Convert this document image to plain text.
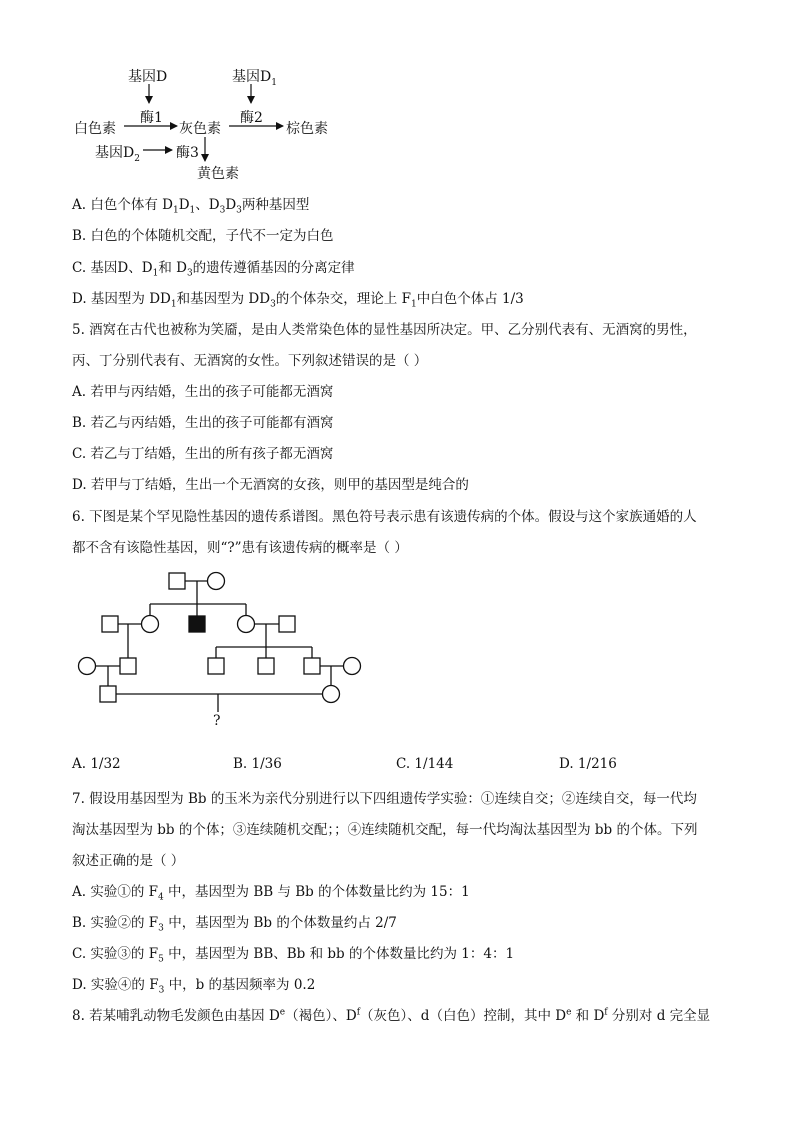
基因D	基因$D_1$
酶1	酶2
白色素	灰色素	棕色素
基因$D_2$	酶3
黄色素
A. 白色个体有 $D_1D_1$、$D_3D_3$两种基因型
B. 白色的个体随机交配，子代不一定为白色
C. 基因D、$D_1$和 $D_3$的遗传遵循基因的分离定律
D. 基因型为 $DD_1$和基因型为 $DD_3$的个体杂交，理论上 $F_1$中白色个体占 1/3
5. 酒窝在古代也被称为笑靥，是由人类常染色体的显性基因所决定。甲、乙分别代表有、无酒窝的男性，
丙、丁分别代表有、无酒窝的女性。下列叙述错误的是（ ）
A. 若甲与丙结婚，生出的孩子可能都无酒窝
B. 若乙与丙结婚，生出的孩子可能都有酒窝
C. 若乙与丁结婚，生出的所有孩子都无酒窝
D. 若甲与丁结婚，生出一个无酒窝的女孩，则甲的基因型是纯合的
6. 下图是某个罕见隐性基因的遗传系谱图。黑色符号表示患有该遗传病的个体。假设与这个家族通婚的人
都不含有该隐性基因，则“?”患有该遗传病的概率是（ ）
?
A. 1/32	B. 1/36	C. 1/144	D. 1/216
7. 假设用基因型为 Bb 的玉米为亲代分别进行以下四组遗传学实验：①连续自交；②连续自交，每一代均
淘汰基因型为 bb 的个体；③连续随机交配；；④连续随机交配，每一代均淘汰基因型为 bb 的个体。下列
叙述正确的是（ ）
A. 实验①的 $F_4$ 中，基因型为 BB 与 Bb 的个体数量比约为 15：1
B. 实验②的 $F_3$ 中，基因型为 Bb 的个体数量约占 2/7
C. 实验③的 $F_5$ 中，基因型为 BB、Bb 和 bb 的个体数量比约为 1：4：1
D. 实验④的 $F_3$ 中，b 的基因频率为 0.2
8. 若某哺乳动物毛发颜色由基因 De（褐色）、$D^f$（灰色）、d（白色）控制，其中 De 和 $D^f$ 分别对 d 完全显
